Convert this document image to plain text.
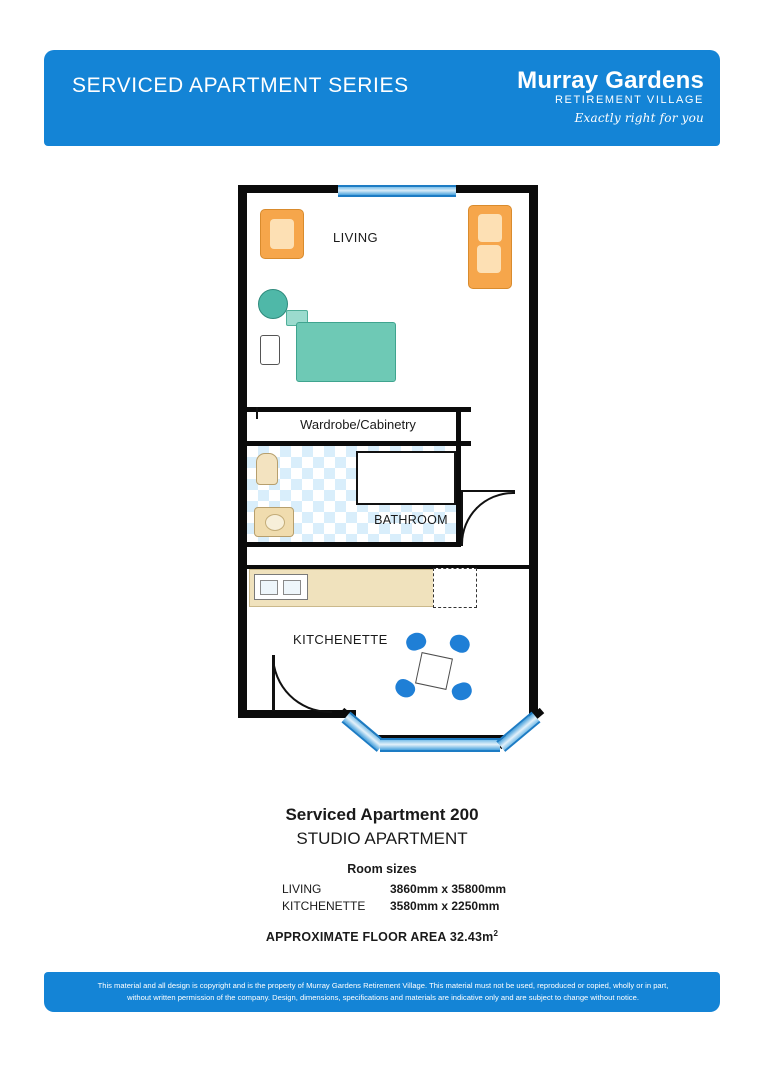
SERVICED APARTMENT SERIES	Murray Gardens
RETIREMENT VILLAGE
Exactly right for you
LIVING
Wardrobe/Cabinetry
BATHROOM
KITCHENETTE
Serviced Apartment 200
STUDIO APARTMENT
Room sizes
LIVING	3860mm x 35800mm
KITCHENETTE	3580mm x 2250mm
APPROXIMATE FLOOR AREA $32.43m^2$
This material and all design is copyright and is the property of Murray Gardens Retirement Village. This material must not be used, reproduced or copied, wholly or in part,
without written permission of the company. Design, dimensions, specifications and materials are indicative only and are subject to change without notice.
